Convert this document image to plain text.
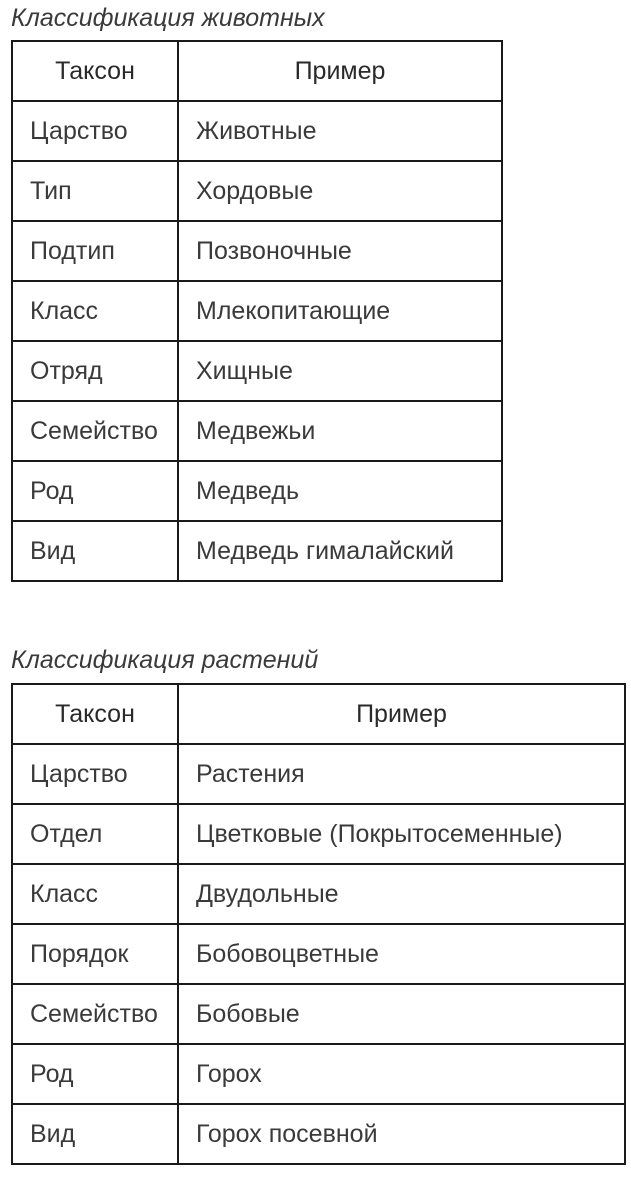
Классификация животных
Таксон	Пример
Царство	Животные
Тип	Хордовые
Подтип	Позвоночные
Класс	Млекопитающие
Отряд	Хищные
Семейство	Медвежьи
Род	Медведь
Вид	Медведь гималайский
Классификация растений
Таксон	Пример
Царство	Растения
Отдел	Цветковые (Покрытосеменные)
Класс	Двудольные
Порядок	Бобовоцветные
Семейство	Бобовые
Род	Горох
Вид	Горох посевной
